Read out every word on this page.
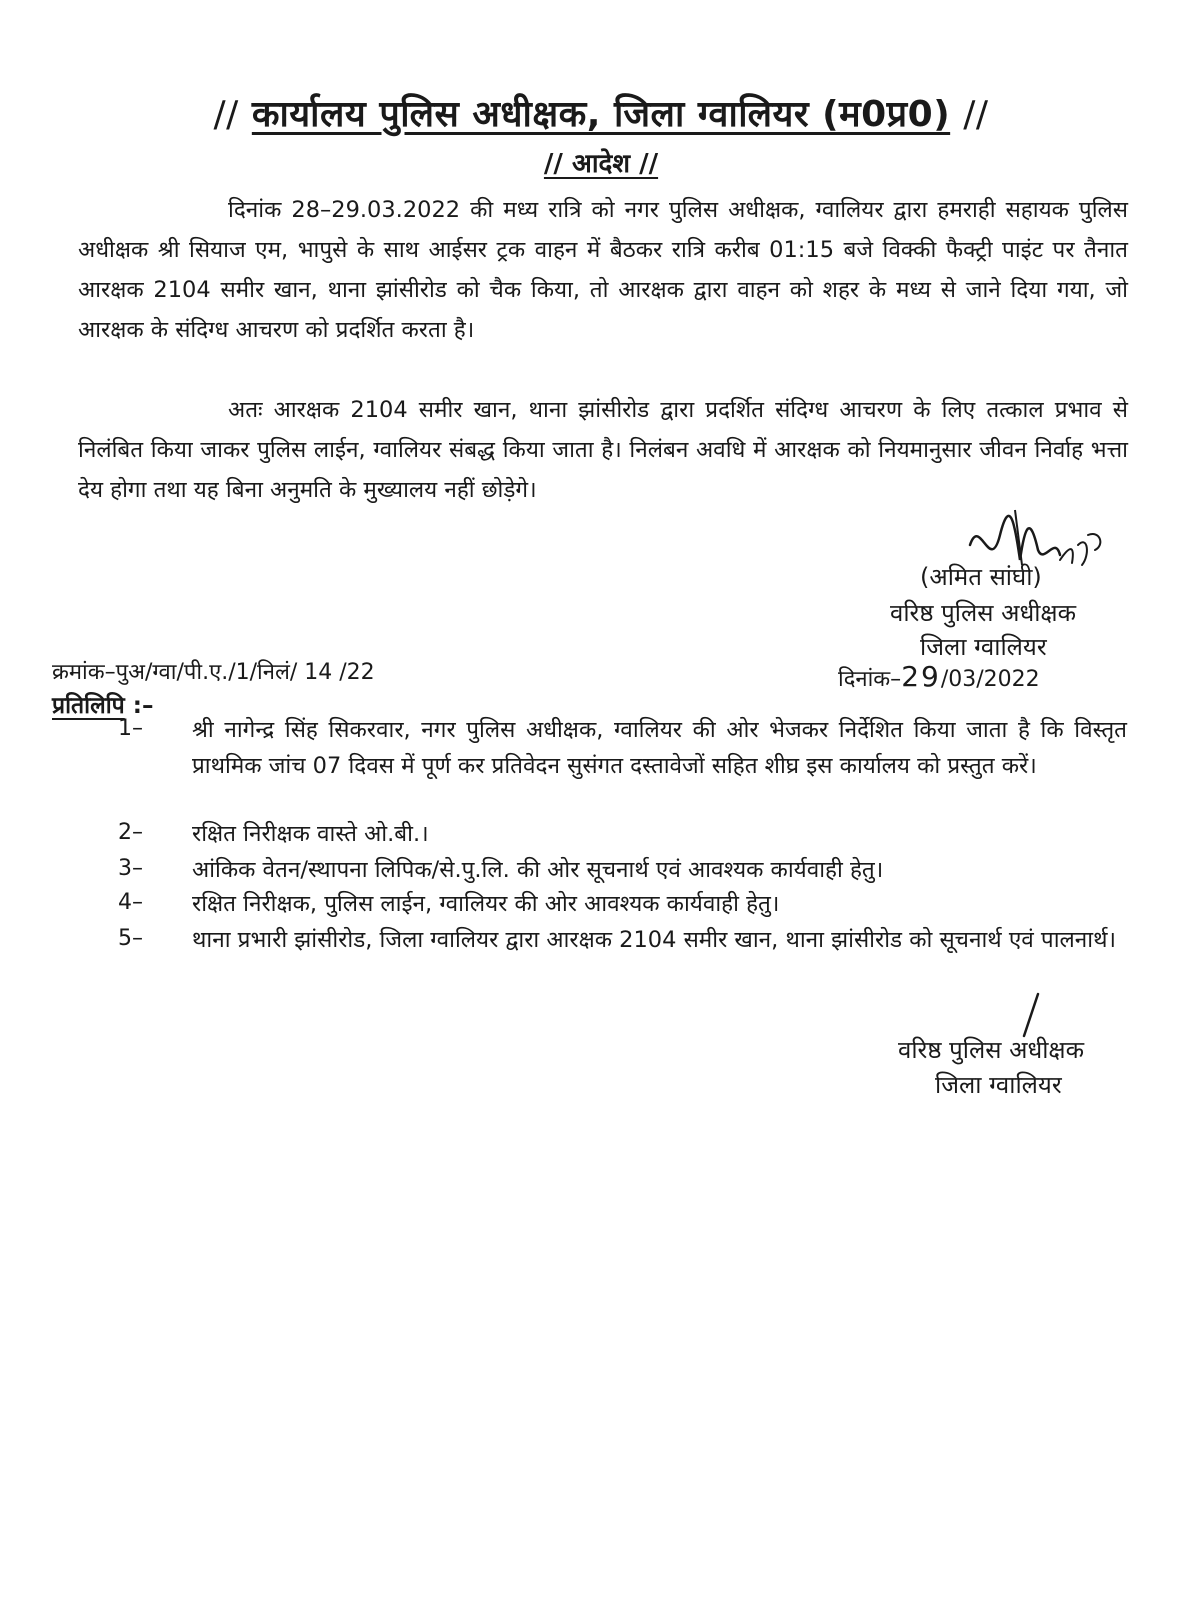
// कार्यालय पुलिस अधीक्षक, जिला ग्वालियर (म0प्र0) //
// आदेश //

दिनांक 28–29.03.2022 की मध्य रात्रि को नगर पुलिस अधीक्षक, ग्वालियर द्वारा हमराही सहायक पुलिस अधीक्षक श्री सियाज एम, भापुसे के साथ आईसर ट्रक वाहन में बैठकर रात्रि करीब 01:15 बजे विक्की फैक्ट्री पाइंट पर तैनात आरक्षक 2104 समीर खान, थाना झांसीरोड को चैक किया, तो आरक्षक द्वारा वाहन को शहर के मध्य से जाने दिया गया, जो आरक्षक के संदिग्ध आचरण को प्रदर्शित करता है।

अतः आरक्षक 2104 समीर खान, थाना झांसीरोड द्वारा प्रदर्शित संदिग्ध आचरण के लिए तत्काल प्रभाव से निलंबित किया जाकर पुलिस लाईन, ग्वालियर संबद्ध किया जाता है। निलंबन अवधि में आरक्षक को नियमानुसार जीवन निर्वाह भत्ता देय होगा तथा यह बिना अनुमति के मुख्यालय नहीं छोड़ेगे।

(अमित सांघी)
वरिष्ठ पुलिस अधीक्षक
जिला ग्वालियर
क्रमांक–पुअ/ग्वा/पी.ए./1/निलं/ 14 /22	दिनांक–29/03/2022
प्रतिलिपि :–
1– श्री नागेन्द्र सिंह सिकरवार, नगर पुलिस अधीक्षक, ग्वालियर की ओर भेजकर निर्देशित किया जाता है कि विस्तृत प्राथमिक जांच 07 दिवस में पूर्ण कर प्रतिवेदन सुसंगत दस्तावेजों सहित शीघ्र इस कार्यालय को प्रस्तुत करें।

2– रक्षित निरीक्षक वास्ते ओ.बी.।

3– आंकिक वेतन/स्थापना लिपिक/से.पु.लि. की ओर सूचनार्थ एवं आवश्यक कार्यवाही हेतु।

4– रक्षित निरीक्षक, पुलिस लाईन, ग्वालियर की ओर आवश्यक कार्यवाही हेतु।

5– थाना प्रभारी झांसीरोड, जिला ग्वालियर द्वारा आरक्षक 2104 समीर खान, थाना झांसीरोड को सूचनार्थ एवं पालनार्थ।

वरिष्ठ पुलिस अधीक्षक
जिला ग्वालियर
